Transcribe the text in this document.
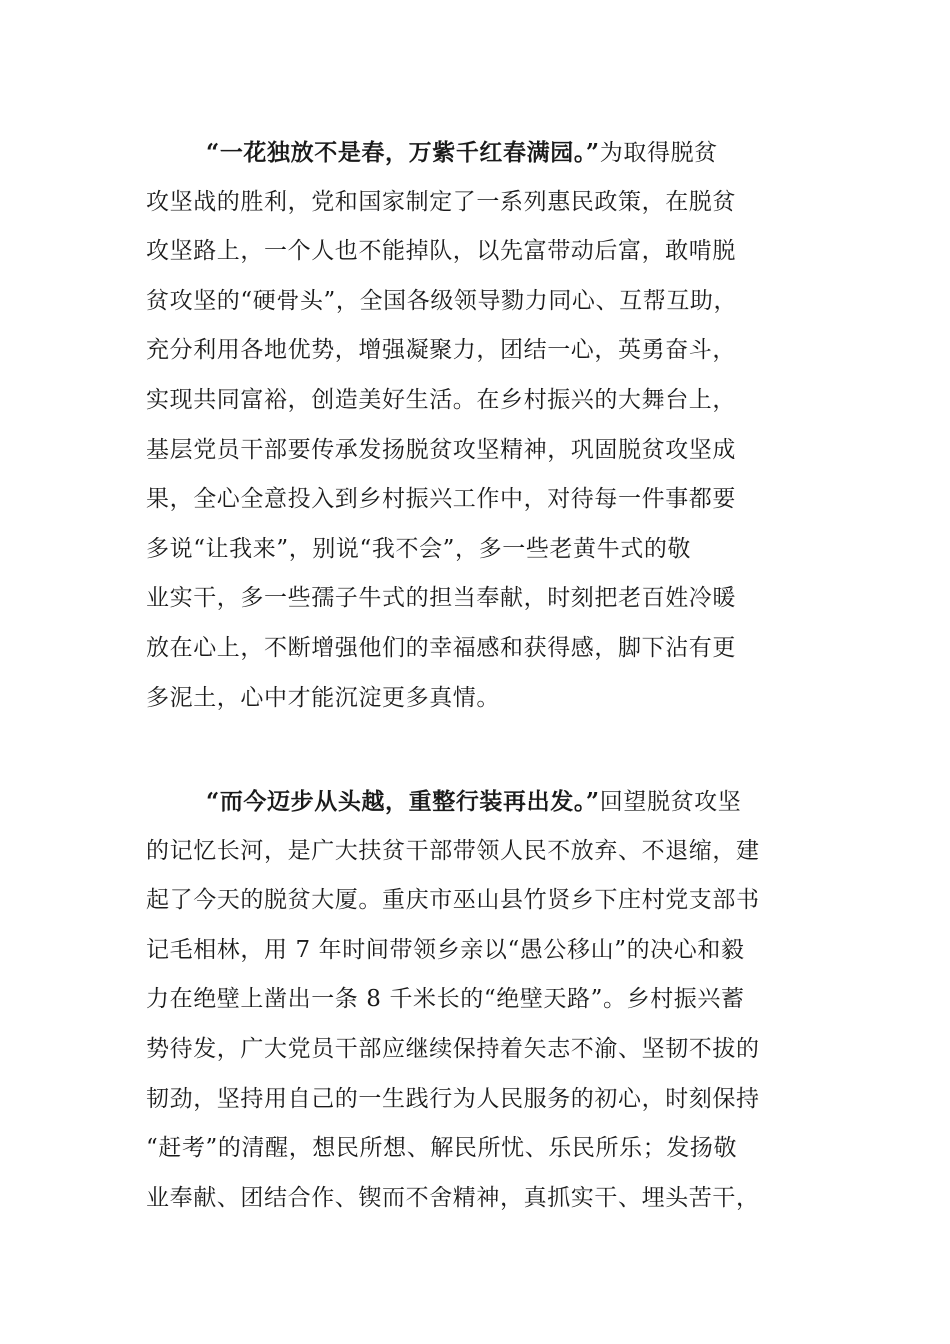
“一花独放不是春，万紫千红春满园。”为取得脱贫
攻坚战的胜利，党和国家制定了一系列惠民政策，在脱贫
攻坚路上，一个人也不能掉队，以先富带动后富，敢啃脱
贫攻坚的“硬骨头”，全国各级领导勠力同心、互帮互助，
充分利用各地优势，增强凝聚力，团结一心，英勇奋斗，
实现共同富裕，创造美好生活。在乡村振兴的大舞台上，
基层党员干部要传承发扬脱贫攻坚精神，巩固脱贫攻坚成
果，全心全意投入到乡村振兴工作中，对待每一件事都要
多说“让我来”，别说“我不会”，多一些老黄牛式的敬
业实干，多一些孺子牛式的担当奉献，时刻把老百姓冷暖
放在心上，不断增强他们的幸福感和获得感，脚下沾有更
多泥土，心中才能沉淀更多真情。
“而今迈步从头越，重整行装再出发。”回望脱贫攻坚
的记忆长河，是广大扶贫干部带领人民不放弃、不退缩，建
起了今天的脱贫大厦。重庆市巫山县竹贤乡下庄村党支部书
记毛相林，用 7 年时间带领乡亲以“愚公移山”的决心和毅
力在绝壁上凿出一条 8 千米长的“绝壁天路”。乡村振兴蓄
势待发，广大党员干部应继续保持着矢志不渝、坚韧不拔的
韧劲，坚持用自己的一生践行为人民服务的初心，时刻保持
“赶考”的清醒，想民所想、解民所忧、乐民所乐；发扬敬
业奉献、团结合作、锲而不舍精神，真抓实干、埋头苦干，
